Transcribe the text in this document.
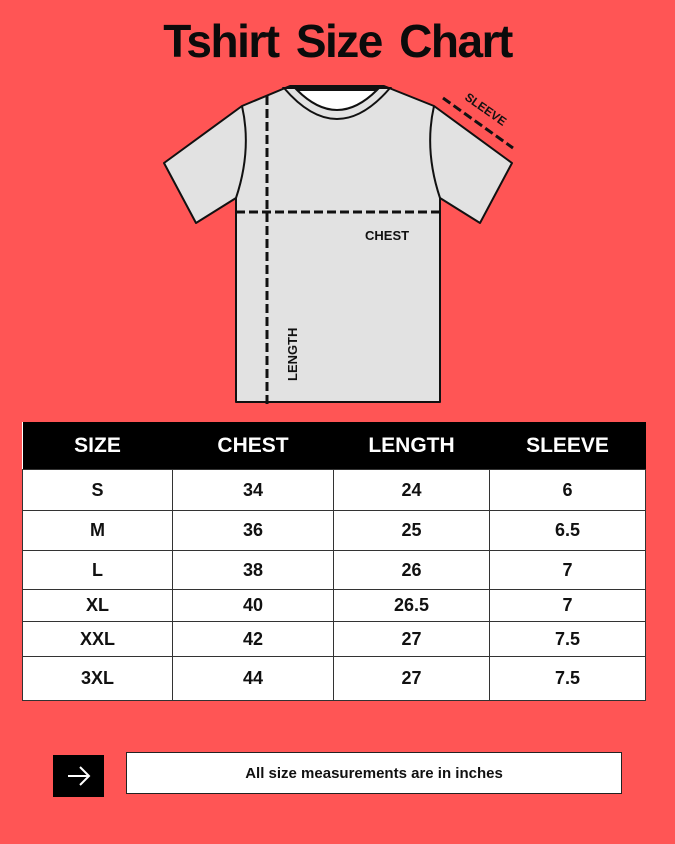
Tshirt Size Chart
CHEST
LENGTH
SLEEVE
SIZE	CHEST	LENGTH	SLEEVE
S	34	24	6
M	36	25	6.5
L	38	26	7
XL	40	26.5	7
XXL	42	27	7.5
3XL	44	27	7.5
All size measurements are in inches
